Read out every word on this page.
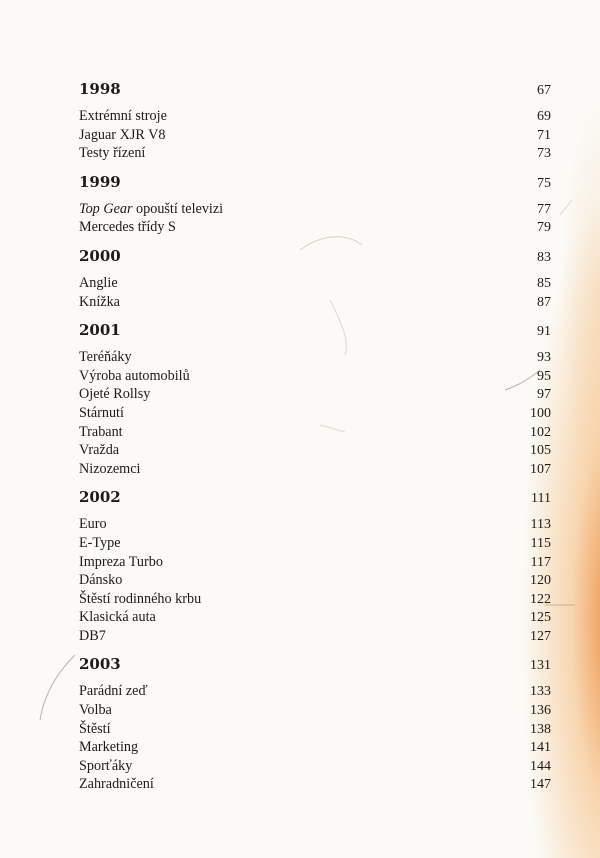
1998	67
Extrémní stroje	69
Jaguar XJR V8	71
Testy řízení	73
1999	75
Top Gear opouští televizi	77
Mercedes třídy S	79
2000	83
Anglie	85
Knížka	87
2001	91
Teréňáky	93
Výroba automobilů	95
Ojeté Rollsy	97
Stárnutí	100
Trabant	102
Vražda	105
Nizozemci	107
2002	111
Euro	113
E-Type	115
Impreza Turbo	117
Dánsko	120
Štěstí rodinného krbu	122
Klasická auta	125
DB7	127
2003	131
Parádní zeď	133
Volba	136
Štěstí	138
Marketing	141
Sporťáky	144
Zahradničení	147
